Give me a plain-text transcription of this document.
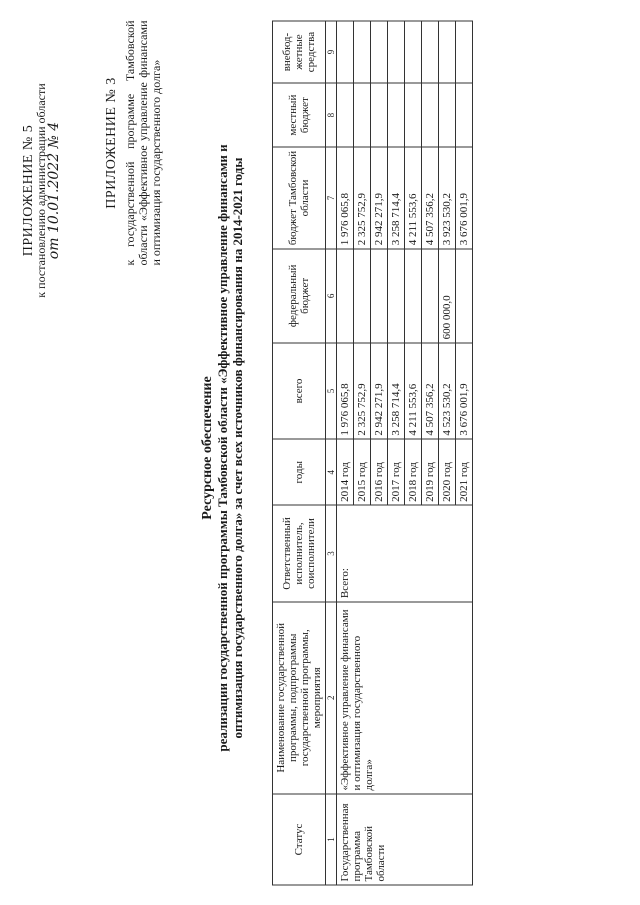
ПРИЛОЖЕНИЕ № 5
к постановлению администрации области
от 10.01.2022 № 4	ПРИЛОЖЕНИЕ № 3 к государственной программе Тамбовской области «Эффективное управление финансами и оптимизация государственного долга»
Ресурсное обеспечение реализации государственной программы Тамбовской области «Эффективное управление финансами и оптимизация государственного долга» за счет всех источников финансирования на 2014-2021 годы
Статус	Наименование государственной программы, подпрограммы государственной программы, мероприятия	Ответственный исполнитель, соисполнители	годы	всего	федеральный бюджет	бюджет Тамбовской области	местный бюджет	внебюд-жетные средства
1	2	3	4	5	6	7	8	9
Государственная программа Тамбовской области	«Эффективное управление финансами и оптимизация государственного долга»	Всего:	2014 год	1 976 065,8		1 976 065,8		
			2015 год	2 325 752,9		2 325 752,9		
			2016 год	2 942 271,9		2 942 271,9		
			2017 год	3 258 714,4		3 258 714,4		
			2018 год	4 211 553,6		4 211 553,6		
			2019 год	4 507 356,2		4 507 356,2		
			2020 год	4 523 530,2	600 000,0	3 923 530,2		
			2021 год	3 676 001,9		3 676 001,9		
